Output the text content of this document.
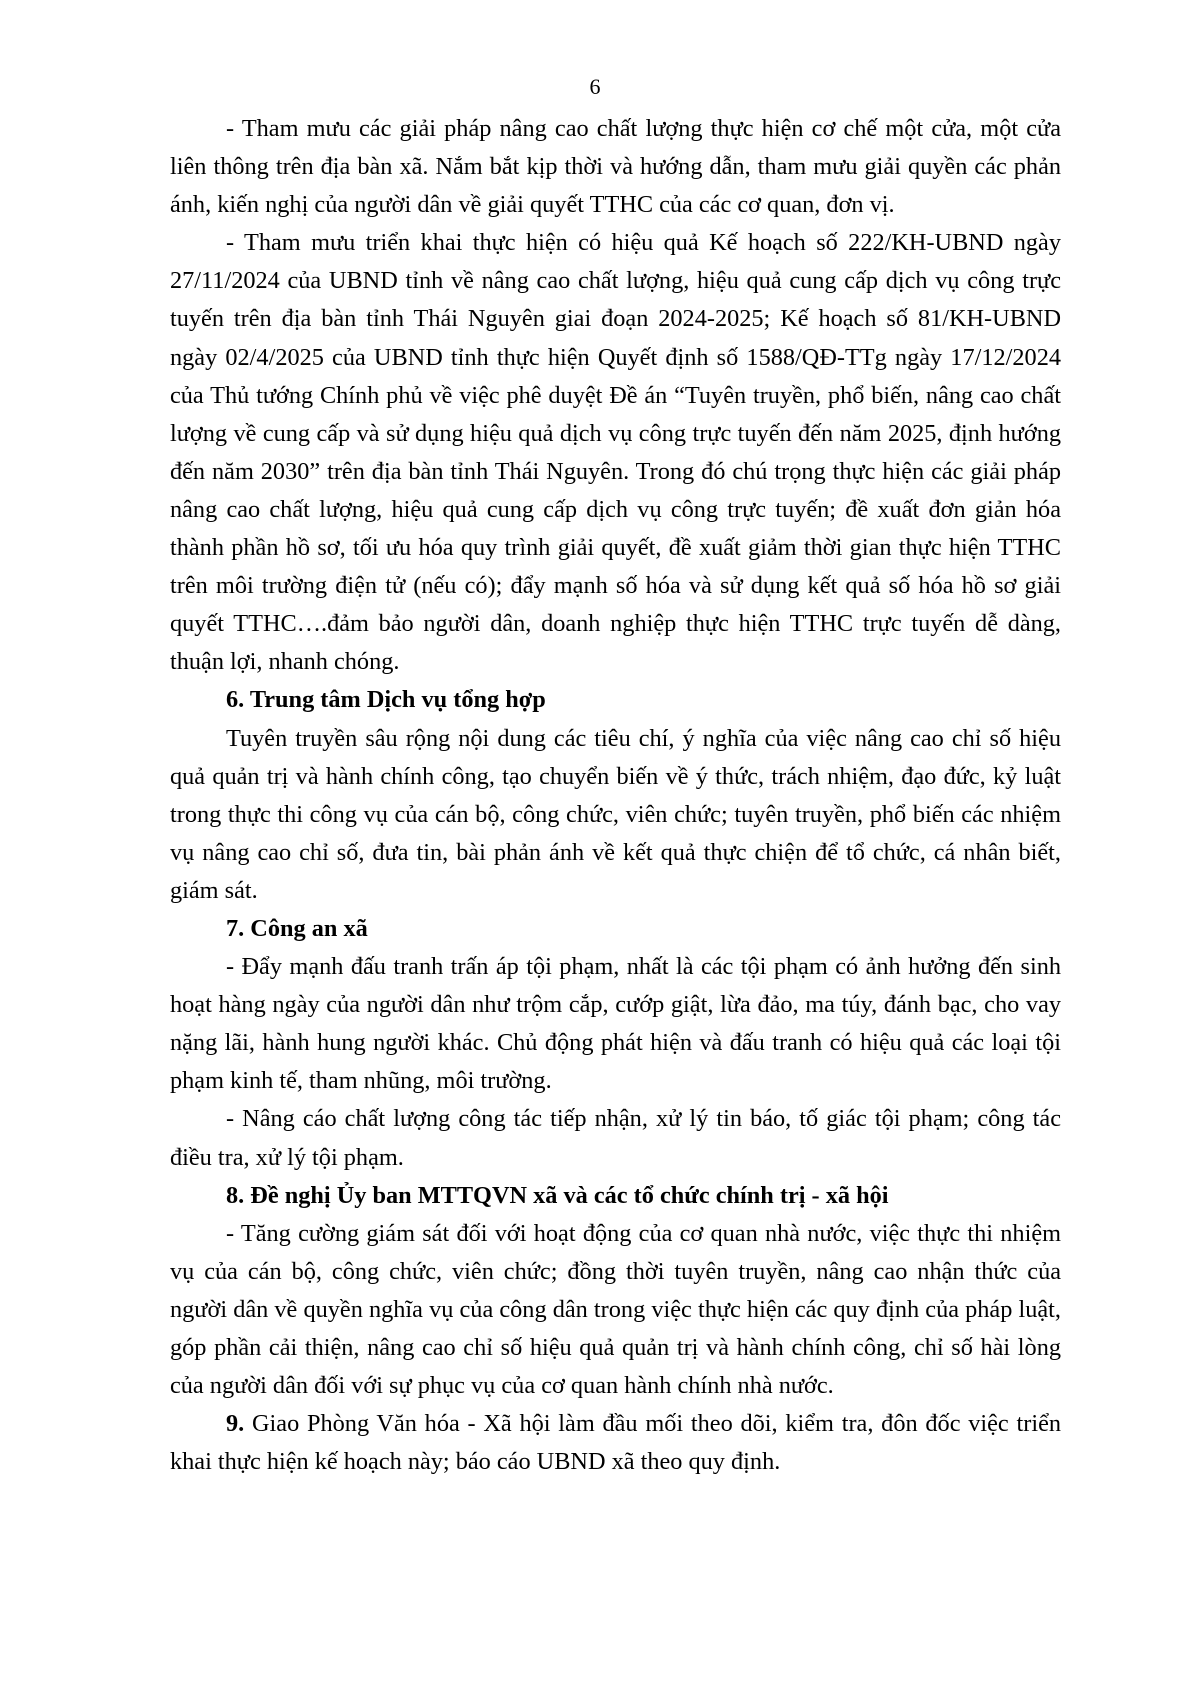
6

- Tham mưu các giải pháp nâng cao chất lượng thực hiện cơ chế một cửa, một cửa liên thông trên địa bàn xã. Nắm bắt kịp thời và hướng dẫn, tham mưu giải quyền các phản ánh, kiến nghị của người dân về giải quyết TTHC của các cơ quan, đơn vị.

- Tham mưu triển khai thực hiện có hiệu quả Kế hoạch số 222/KH-UBND ngày 27/11/2024 của UBND tỉnh về nâng cao chất lượng, hiệu quả cung cấp dịch vụ công trực tuyến trên địa bàn tỉnh Thái Nguyên giai đoạn 2024-2025; Kế hoạch số 81/KH-UBND ngày 02/4/2025 của UBND tỉnh thực hiện Quyết định số 1588/QĐ-TTg ngày 17/12/2024 của Thủ tướng Chính phủ về việc phê duyệt Đề án “Tuyên truyền, phổ biến, nâng cao chất lượng về cung cấp và sử dụng hiệu quả dịch vụ công trực tuyến đến năm 2025, định hướng đến năm 2030” trên địa bàn tỉnh Thái Nguyên. Trong đó chú trọng thực hiện các giải pháp nâng cao chất lượng, hiệu quả cung cấp dịch vụ công trực tuyến; đề xuất đơn giản hóa thành phần hồ sơ, tối ưu hóa quy trình giải quyết, đề xuất giảm thời gian thực hiện TTHC trên môi trường điện tử (nếu có); đẩy mạnh số hóa và sử dụng kết quả số hóa hồ sơ giải quyết TTHC….đảm bảo người dân, doanh nghiệp thực hiện TTHC trực tuyến dễ dàng, thuận lợi, nhanh chóng.

6. Trung tâm Dịch vụ tổng hợp

Tuyên truyền sâu rộng nội dung các tiêu chí, ý nghĩa của việc nâng cao chỉ số hiệu quả quản trị và hành chính công, tạo chuyển biến về ý thức, trách nhiệm, đạo đức, kỷ luật trong thực thi công vụ của cán bộ, công chức, viên chức; tuyên truyền, phổ biến các nhiệm vụ nâng cao chỉ số, đưa tin, bài phản ánh về kết quả thực chiện để tổ chức, cá nhân biết, giám sát.

7. Công an xã

- Đẩy mạnh đấu tranh trấn áp tội phạm, nhất là các tội phạm có ảnh hưởng đến sinh hoạt hàng ngày của người dân như trộm cắp, cướp giật, lừa đảo, ma túy, đánh bạc, cho vay nặng lãi, hành hung người khác. Chủ động phát hiện và đấu tranh có hiệu quả các loại tội phạm kinh tế, tham nhũng, môi trường.

- Nâng cáo chất lượng công tác tiếp nhận, xử lý tin báo, tố giác tội phạm; công tác điều tra, xử lý tội phạm.

8. Đề nghị Ủy ban MTTQVN xã và các tổ chức chính trị - xã hội

- Tăng cường giám sát đối với hoạt động của cơ quan nhà nước, việc thực thi nhiệm vụ của cán bộ, công chức, viên chức; đồng thời tuyên truyền, nâng cao nhận thức của người dân về quyền nghĩa vụ của công dân trong việc thực hiện các quy định của pháp luật, góp phần cải thiện, nâng cao chỉ số hiệu quả quản trị và hành chính công, chỉ số hài lòng của người dân đối với sự phục vụ của cơ quan hành chính nhà nước.

9. Giao Phòng Văn hóa - Xã hội làm đầu mối theo dõi, kiểm tra, đôn đốc việc triển khai thực hiện kế hoạch này; báo cáo UBND xã theo quy định.
